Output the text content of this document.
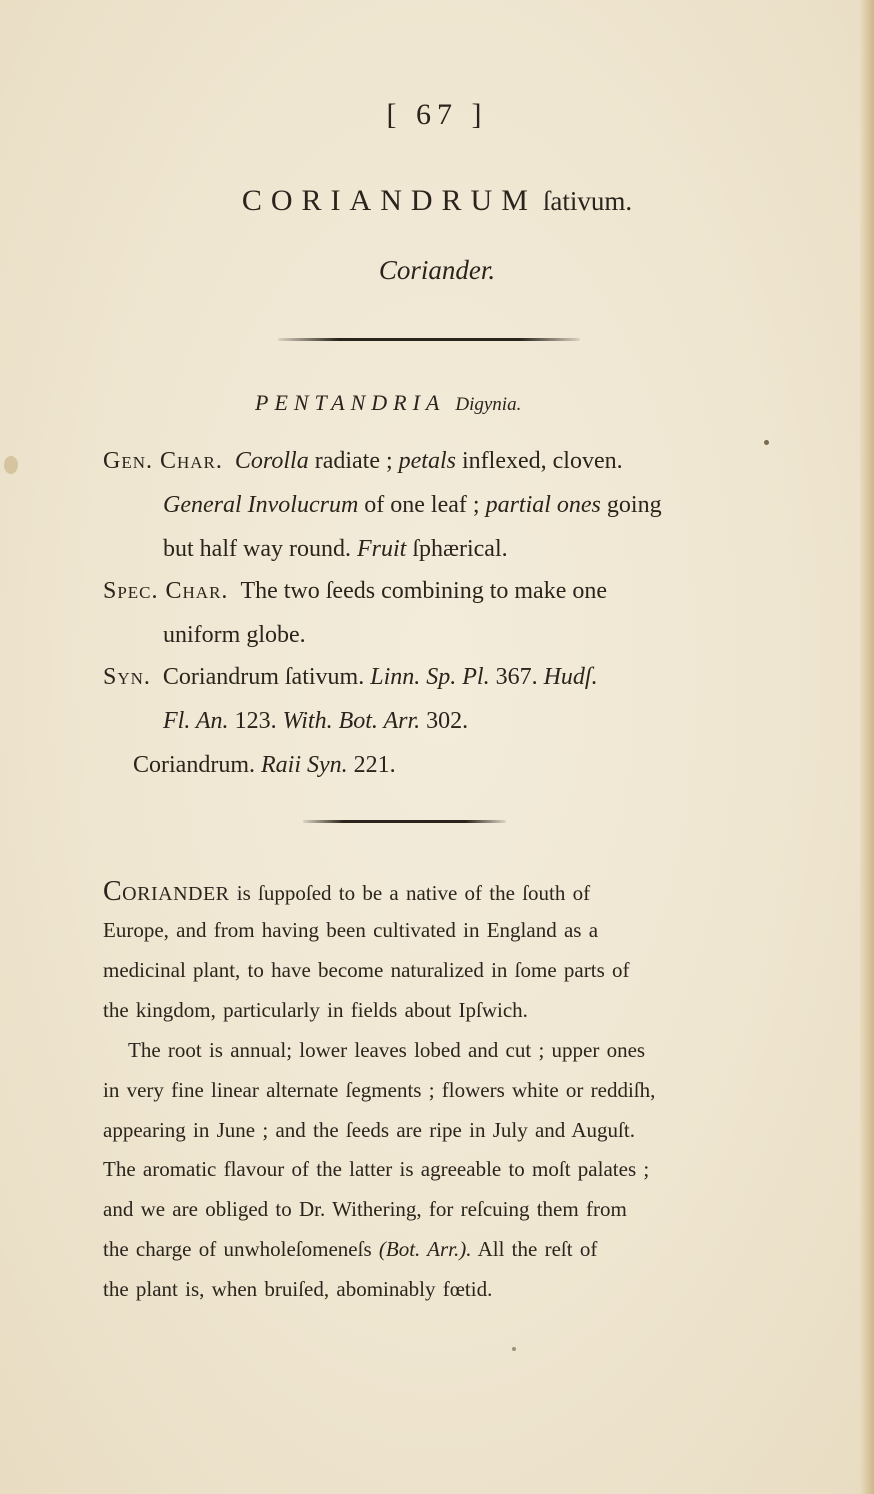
[ 67 ]
CORIANDRUM ſativum.
Coriander.
PENTANDRIA Digynia.
Gen. Char. Corolla radiate ; petals inflexed, cloven.
General Involucrum of one leaf ; partial ones going
but half way round. Fruit ſphærical.
Spec. Char. The two ſeeds combining to make one
uniform globe.
Syn. Coriandrum ſativum. Linn. Sp. Pl. 367. Hudſ.
Fl. An. 123. With. Bot. Arr. 302.
Coriandrum. Raii Syn. 221.
Coriander is ſuppoſed to be a native of the ſouth of
Europe, and from having been cultivated in England as a
medicinal plant, to have become naturalized in ſome parts of
the kingdom, particularly in fields about Ipſwich.
The root is annual; lower leaves lobed and cut ; upper ones
in very fine linear alternate ſegments ; flowers white or reddiſh,
appearing in June ; and the ſeeds are ripe in July and Auguſt.
The aromatic flavour of the latter is agreeable to moſt palates ;
and we are obliged to Dr. Withering, for reſcuing them from
the charge of unwholeſomeneſs (Bot. Arr.). All the reſt of
the plant is, when bruiſed, abominably fœtid.
